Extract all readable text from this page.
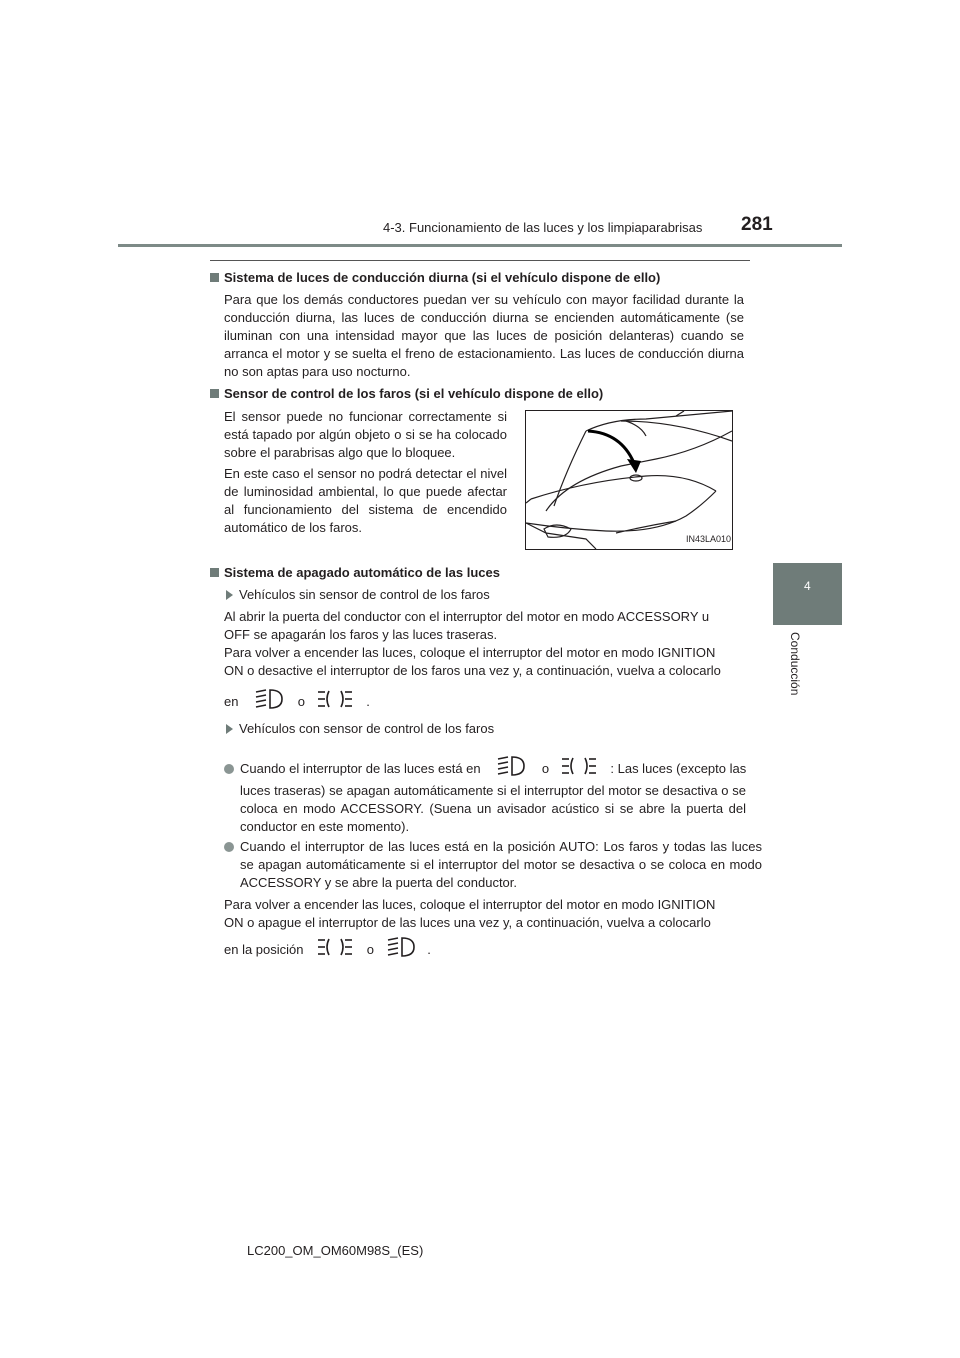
4-3. Funcionamiento de las luces y los limpiaparabrisas 281
4
Conducción
Sistema de luces de conducción diurna (si el vehículo dispone de ello)
Para que los demás conductores puedan ver su vehículo con mayor facilidad durante la conducción diurna, las luces de conducción diurna se encienden automáticamente (se iluminan con una intensidad mayor que las luces de posición delanteras) cuando se arranca el motor y se suelta el freno de estacionamiento. Las luces de conducción diurna no son aptas para uso nocturno.
Sensor de control de los faros (si el vehículo dispone de ello)
El sensor puede no funcionar correctamente si está tapado por algún objeto o si se ha colocado sobre el parabrisas algo que lo bloquee.
En este caso el sensor no podrá detectar el nivel de luminosidad ambiental, lo que puede afectar al funcionamiento del sistema de encendido automático de los faros.
IN43LA010
Sistema de apagado automático de las luces
Vehículos sin sensor de control de los faros
Al abrir la puerta del conductor con el interruptor del motor en modo ACCESSORY u
OFF se apagarán los faros y las luces traseras.
Para volver a encender las luces, coloque el interruptor del motor en modo IGNITION
ON o desactive el interruptor de los faros una vez y, a continuación, vuelva a colocarlo
en	o	.
Vehículos con sensor de control de los faros
Cuando el interruptor de las luces está en	o	: Las luces (excepto las
luces traseras) se apagan automáticamente si el interruptor del motor se desactiva o se coloca en modo ACCESSORY. (Suena un avisador acústico si se abre la puerta del conductor en este momento).
Cuando el interruptor de las luces está en la posición AUTO: Los faros y todas las luces se apagan automáticamente si el interruptor del motor se desactiva o se coloca en modo ACCESSORY y se abre la puerta del conductor.
Para volver a encender las luces, coloque el interruptor del motor en modo IGNITION
ON o apague el interruptor de las luces una vez y, a continuación, vuelva a colocarlo
en la posición	o	.
LC200_OM_OM60M98S_(ES)
